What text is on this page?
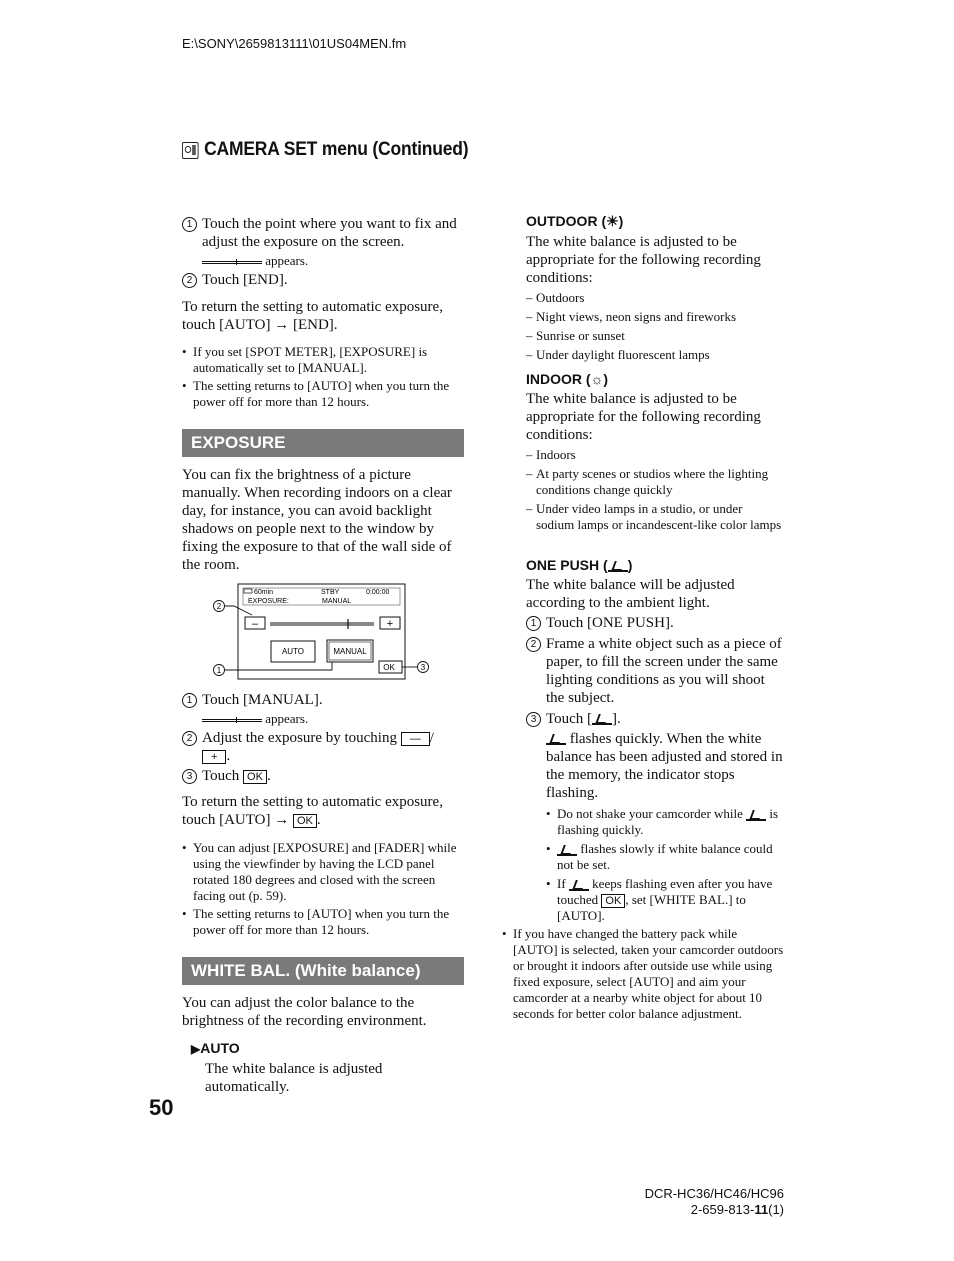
E:\SONY\2659813111\01US04MEN.fm
CAMERA SET menu (Continued)
1 Touch the point where you want to fix and adjust the exposure on the screen.
appears.
2 Touch [END].
To return the setting to automatic exposure, touch [AUTO] → [END].
• If you set [SPOT METER], [EXPOSURE] is automatically set to [MANUAL].
• The setting returns to [AUTO] when you turn the power off for more than 12 hours.
EXPOSURE
You can fix the brightness of a picture manually. When recording indoors on a clear day, for instance, you can avoid backlight shadows on people next to the window by fixing the exposure to that of the wall side of the room.
60min	STBY	0:00:00
EXPOSURE:	MANUAL
–	+
AUTO	MANUAL
OK
2
1	3
1 Touch [MANUAL].
appears.
2 Adjust the exposure by touching — /
+ .
3 Touch OK .
To return the setting to automatic exposure, touch [AUTO] → OK .
• You can adjust [EXPOSURE] and [FADER] while using the viewfinder by having the LCD panel rotated 180 degrees and closed with the screen facing out (p. 59).
• The setting returns to [AUTO] when you turn the power off for more than 12 hours.
WHITE BAL. (White balance)
You can adjust the color balance to the brightness of the recording environment.
▶AUTO
The white balance is adjusted automatically.
OUTDOOR (☀)
The white balance is adjusted to be appropriate for the following recording conditions:
– Outdoors
– Night views, neon signs and fireworks
– Sunrise or sunset
– Under daylight fluorescent lamps
INDOOR (☼)
The white balance is adjusted to be appropriate for the following recording conditions:
– Indoors
– At party scenes or studios where the lighting conditions change quickly
– Under video lamps in a studio, or under sodium lamps or incandescent-like color lamps
ONE PUSH ( )
The white balance will be adjusted according to the ambient light.
1 Touch [ONE PUSH].
2 Frame a white object such as a piece of paper, to fill the screen under the same lighting conditions as you will shoot the subject.
3 Touch [ ].
flashes quickly. When the white balance has been adjusted and stored in the memory, the indicator stops flashing.
• Do not shake your camcorder while is flashing quickly.
• flashes slowly if white balance could not be set.
• If keeps flashing even after you have touched OK , set [WHITE BAL.] to [AUTO].
• If you have changed the battery pack while [AUTO] is selected, taken your camcorder outdoors or brought it indoors after outside use while using fixed exposure, select [AUTO] and aim your camcorder at a nearby white object for about 10 seconds for better color balance adjustment.
50
DCR-HC36/HC46/HC96
2-659-813-11(1)
